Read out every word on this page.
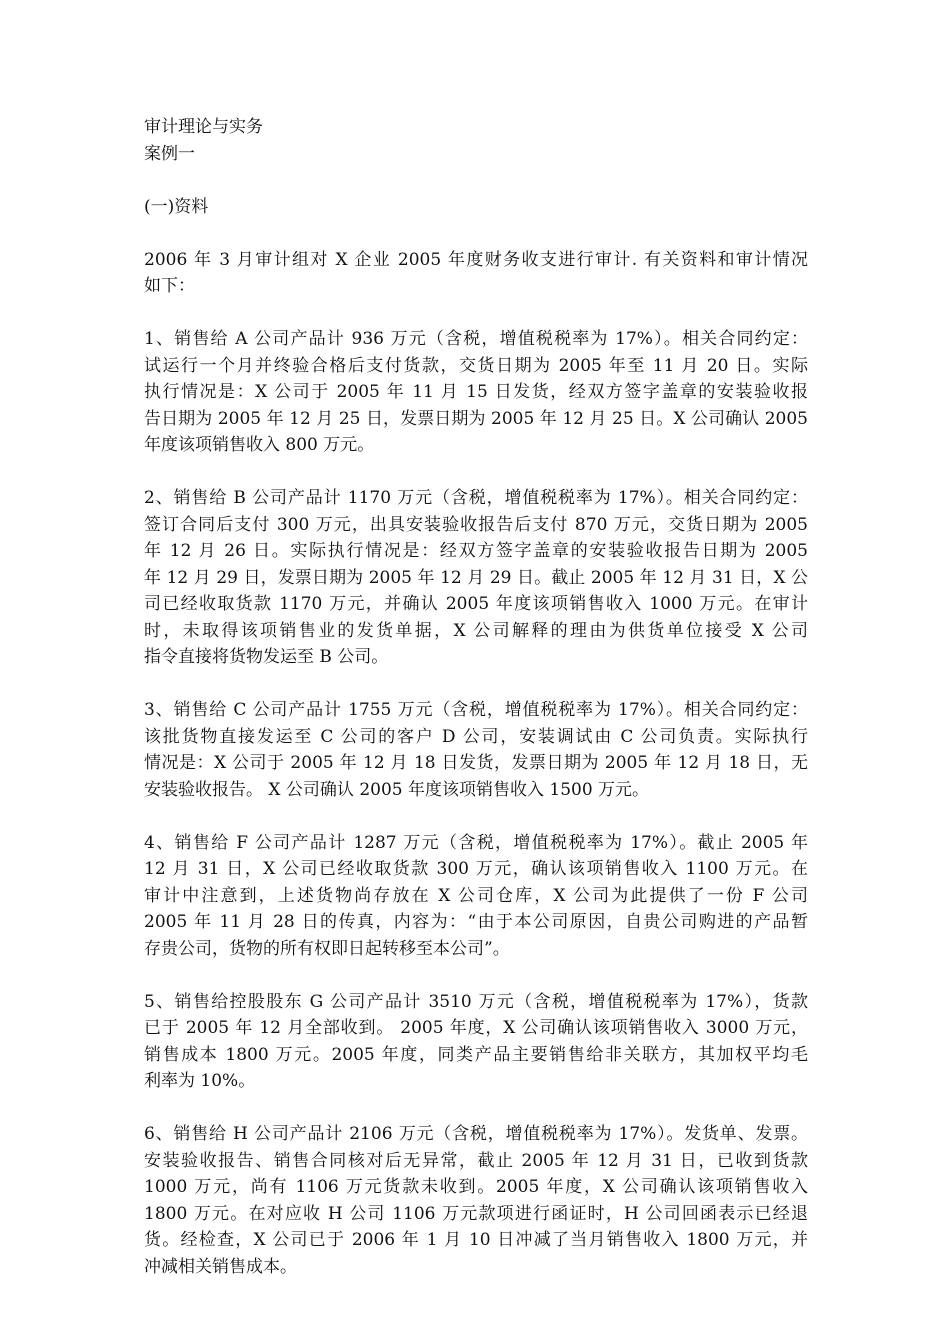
审计理论与实务
案例一
(一)资料
2006 年 3 月审计组对 X 企业 2005 年度财务收支进行审计. 有关资料和审计情况
如下：
1、销售给 A 公司产品计 936 万元（含税，增值税税率为 17%）。相关合同约定：
试运行一个月并终验合格后支付货款，交货日期为 2005 年至 11 月 20 日。实际
执行情况是：X 公司于 2005 年 11 月 15 日发货，经双方签字盖章的安装验收报
告日期为 2005 年 12 月 25 日，发票日期为 2005 年 12 月 25 日。X 公司确认 2005
年度该项销售收入 800 万元。
2、销售给 B 公司产品计 1170 万元（含税，增值税税率为 17%）。相关合同约定：
签订合同后支付 300 万元，出具安装验收报告后支付 870 万元，交货日期为 2005
年 12 月 26 日。实际执行情况是：经双方签字盖章的安装验收报告日期为 2005
年 12 月 29 日，发票日期为 2005 年 12 月 29 日。截止 2005 年 12 月 31 日，X 公
司已经收取货款 1170 万元，并确认 2005 年度该项销售收入 1000 万元。在审计
时，未取得该项销售业的发货单据，X 公司解释的理由为供货单位接受 X 公司
指令直接将货物发运至 B 公司。
3、销售给 C 公司产品计 1755 万元（含税，增值税税率为 17%）。相关合同约定：
该批货物直接发运至 C 公司的客户 D 公司，安装调试由 C 公司负责。实际执行
情况是：X 公司于 2005 年 12 月 18 日发货，发票日期为 2005 年 12 月 18 日，无
安装验收报告。 X 公司确认 2005 年度该项销售收入 1500 万元。
4、销售给 F 公司产品计 1287 万元（含税，增值税税率为 17%）。截止 2005 年
12 月 31 日，X 公司已经收取货款 300 万元，确认该项销售收入 1100 万元。在
审计中注意到，上述货物尚存放在 X 公司仓库，X 公司为此提供了一份 F 公司
2005 年 11 月 28 日的传真，内容为：“由于本公司原因，自贵公司购进的产品暂
存贵公司，货物的所有权即日起转移至本公司”。
5、销售给控股股东 G 公司产品计 3510 万元（含税，增值税税率为 17%），货款
已于 2005 年 12 月全部收到。 2005 年度，X 公司确认该项销售收入 3000 万元，
销售成本 1800 万元。2005 年度，同类产品主要销售给非关联方，其加权平均毛
利率为 10%。
6、销售给 H 公司产品计 2106 万元（含税，增值税税率为 17%）。发货单、发票。
安装验收报告、销售合同核对后无异常，截止 2005 年 12 月 31 日，已收到货款
1000 万元，尚有 1106 万元货款未收到。2005 年度，X 公司确认该项销售收入
1800 万元。在对应收 H 公司 1106 万元款项进行函证时，H 公司回函表示已经退
货。经检查，X 公司已于 2006 年 1 月 10 日冲减了当月销售收入 1800 万元，并
冲减相关销售成本。
